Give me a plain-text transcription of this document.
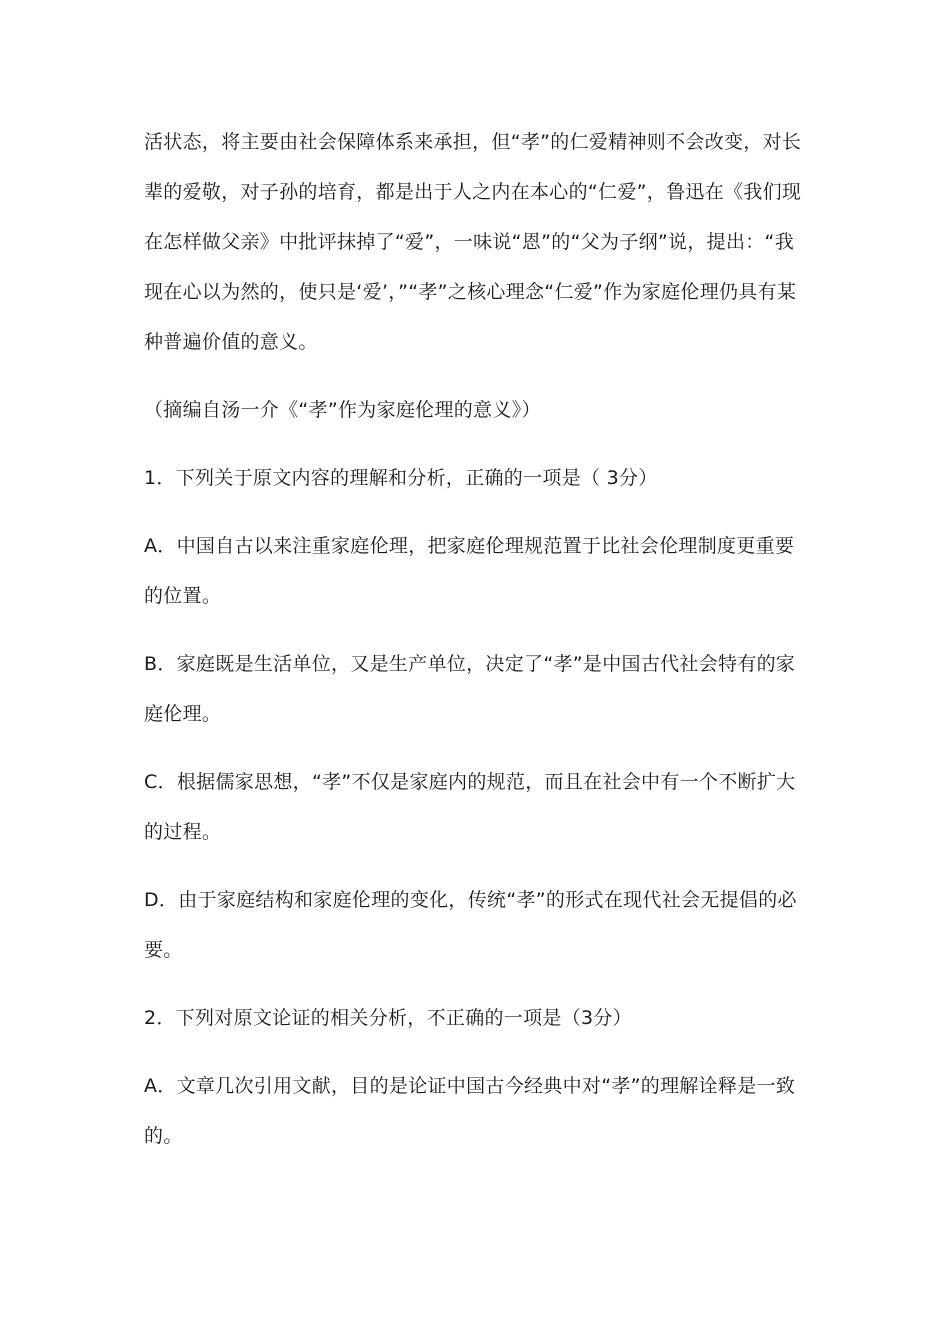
活状态，将主要由社会保障体系来承担，但“孝”的仁爱精神则不会改变，对长辈的爱敬，对子孙的培育，都是出于人之内在本心的“仁爱”，鲁迅在《我们现在怎样做父亲》中批评抹掉了“爱”，一味说“恩”的“父为子纲”说，提出：“我现在心以为然的，使只是‘爱’，”“孝”之核心理念“仁爱”作为家庭伦理仍具有某种普遍价值的意义。

（摘编自汤一介《“孝”作为家庭伦理的意义》）

1．下列关于原文内容的理解和分析，正确的一项是（ 3分）

A．中国自古以来注重家庭伦理，把家庭伦理规范置于比社会伦理制度更重要的位置。

B．家庭既是生活单位，又是生产单位，决定了“孝”是中国古代社会特有的家庭伦理。

C．根据儒家思想，“孝”不仅是家庭内的规范，而且在社会中有一个不断扩大的过程。

D．由于家庭结构和家庭伦理的变化，传统“孝”的形式在现代社会无提倡的必要。

2．下列对原文论证的相关分析，不正确的一项是（3分）

A．文章几次引用文献，目的是论证中国古今经典中对“孝”的理解诠释是一致的。
